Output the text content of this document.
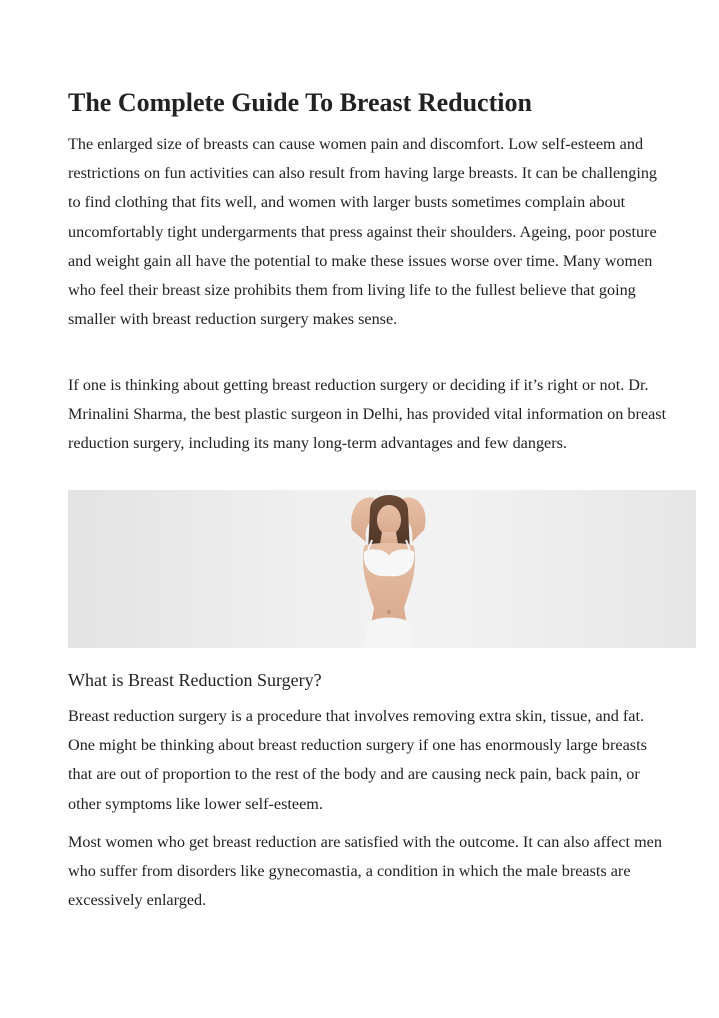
The Complete Guide To Breast Reduction

The enlarged size of breasts can cause women pain and discomfort. Low self-esteem and restrictions on fun activities can also result from having large breasts. It can be challenging to find clothing that fits well, and women with larger busts sometimes complain about uncomfortably tight undergarments that press against their shoulders. Ageing, poor posture and weight gain all have the potential to make these issues worse over time. Many women who feel their breast size prohibits them from living life to the fullest believe that going smaller with breast reduction surgery makes sense.

If one is thinking about getting breast reduction surgery or deciding if it’s right or not. Dr. Mrinalini Sharma, the best plastic surgeon in Delhi, has provided vital information on breast reduction surgery, including its many long-term advantages and few dangers.

What is Breast Reduction Surgery?

Breast reduction surgery is a procedure that involves removing extra skin, tissue, and fat. One might be thinking about breast reduction surgery if one has enormously large breasts that are out of proportion to the rest of the body and are causing neck pain, back pain, or other symptoms like lower self-esteem.

Most women who get breast reduction are satisfied with the outcome. It can also affect men who suffer from disorders like gynecomastia, a condition in which the male breasts are excessively enlarged.
